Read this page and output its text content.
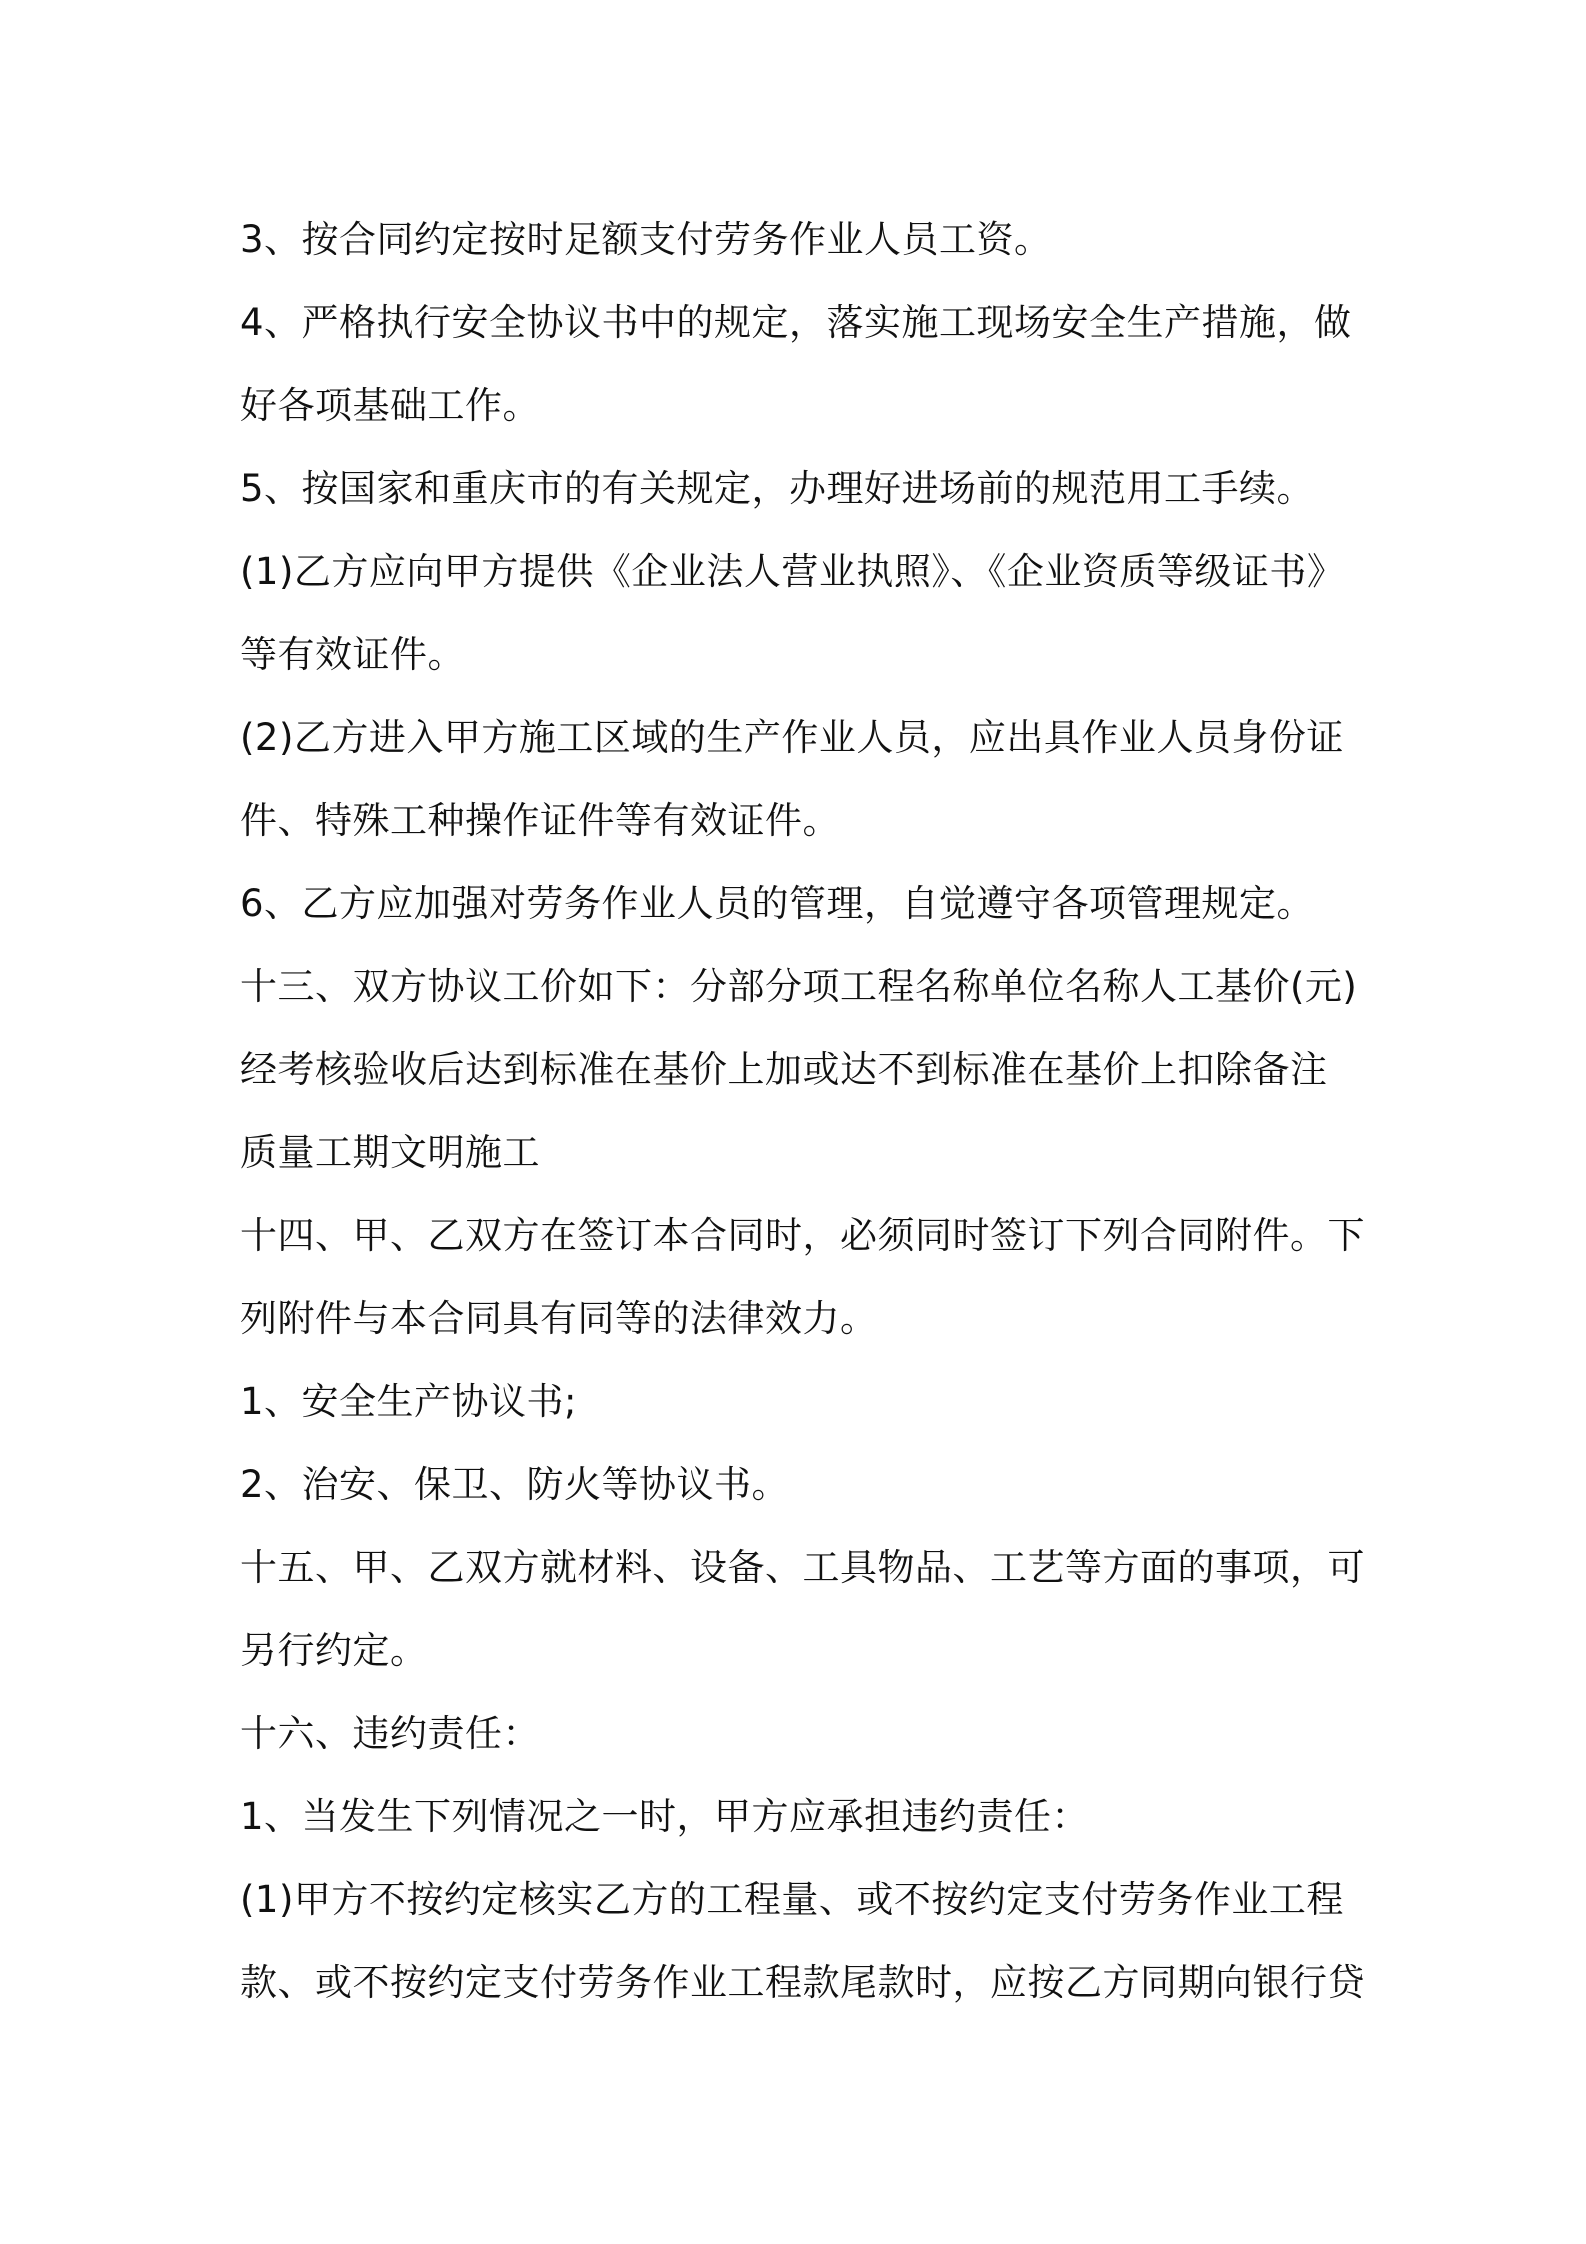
3、按合同约定按时足额支付劳务作业人员工资。
4、严格执行安全协议书中的规定，落实施工现场安全生产措施，做
好各项基础工作。
5、按国家和重庆市的有关规定，办理好进场前的规范用工手续。
(1)乙方应向甲方提供《企业法人营业执照》、《企业资质等级证书》
等有效证件。
(2)乙方进入甲方施工区域的生产作业人员，应出具作业人员身份证
件、特殊工种操作证件等有效证件。
6、乙方应加强对劳务作业人员的管理，自觉遵守各项管理规定。
十三、双方协议工价如下：分部分项工程名称单位名称人工基价(元)
经考核验收后达到标准在基价上加或达不到标准在基价上扣除备注
质量工期文明施工
十四、甲、乙双方在签订本合同时，必须同时签订下列合同附件。下
列附件与本合同具有同等的法律效力。
1、安全生产协议书;
2、治安、保卫、防火等协议书。
十五、甲、乙双方就材料、设备、工具物品、工艺等方面的事项，可
另行约定。
十六、违约责任：
1、当发生下列情况之一时，甲方应承担违约责任：
(1)甲方不按约定核实乙方的工程量、或不按约定支付劳务作业工程
款、或不按约定支付劳务作业工程款尾款时，应按乙方同期向银行贷
